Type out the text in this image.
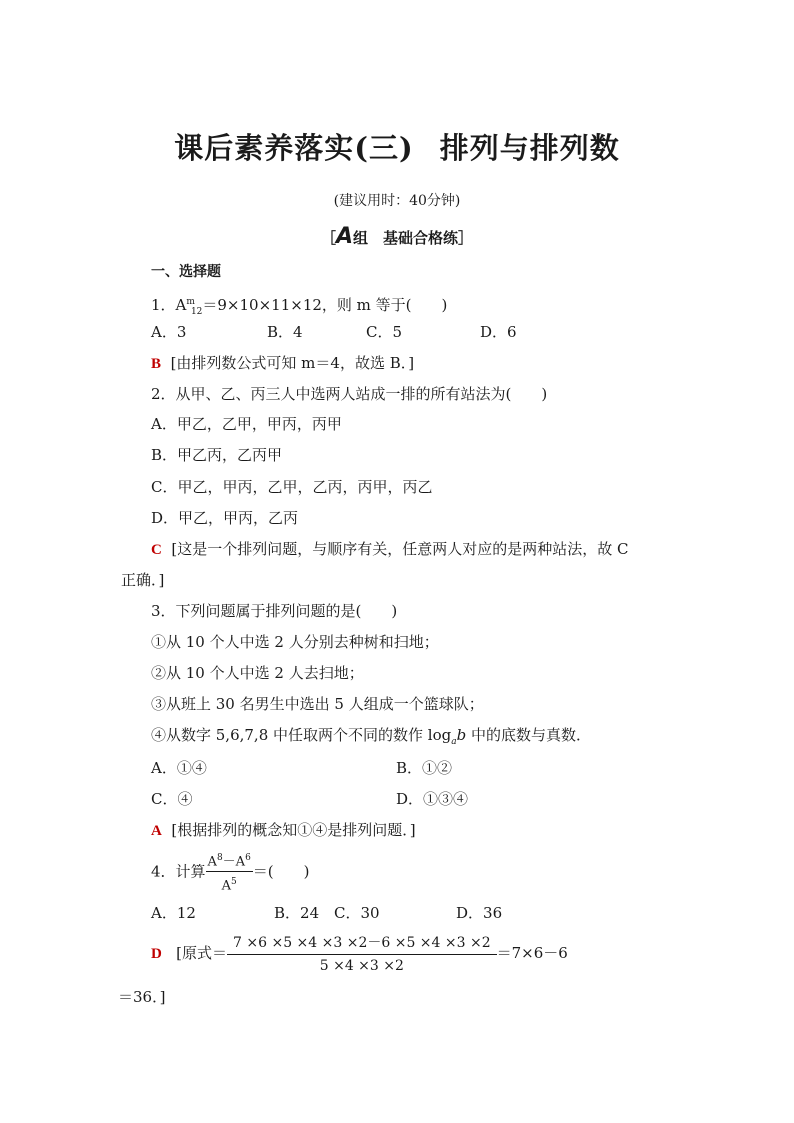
课后素养落实(三) 排列与排列数
(建议用时：40分钟)
［A组　基础合格练］
一、选择题
1．$A^m_{12}=9\times 10\times 11\times 12$，则 m 等于(　　)
A．3	B．4	C．5	D．6
B [由排列数公式可知 m＝4，故选 B．]
2．从甲、乙、丙三人中选两人站成一排的所有站法为(　　)
A．甲乙，乙甲，甲丙，丙甲
B．甲乙丙，乙丙甲
C．甲乙，甲丙，乙甲，乙丙，丙甲，丙乙
D．甲乙，甲丙，乙丙
C [这是一个排列问题，与顺序有关，任意两人对应的是两种站法，故 C
正确．]
3．下列问题属于排列问题的是(　　)
①从 10 个人中选 2 人分别去种树和扫地；
②从 10 个人中选 2 人去扫地；
③从班上 30 名男生中选出 5 人组成一个篮球队；
④从数字 5,6,7,8 中任取两个不同的数作 $\log_ab$ 中的底数与真数．
A．①④	B．①②
C．④	D．①③④
A [根据排列的概念知①④是排列问题．]
4．计算 $\frac{A^8-A^6}{A^5}$ ＝(　　)
A．12	B．24 C．30	D．36
D [原式＝ $\frac{7 \times 6 \times 5 \times 4 \times 3 \times 2-6 \times 5 \times 4 \times 3 \times 2}{5 \times 4 \times 3 \times 2} =7\times 6-6$
＝36．]
